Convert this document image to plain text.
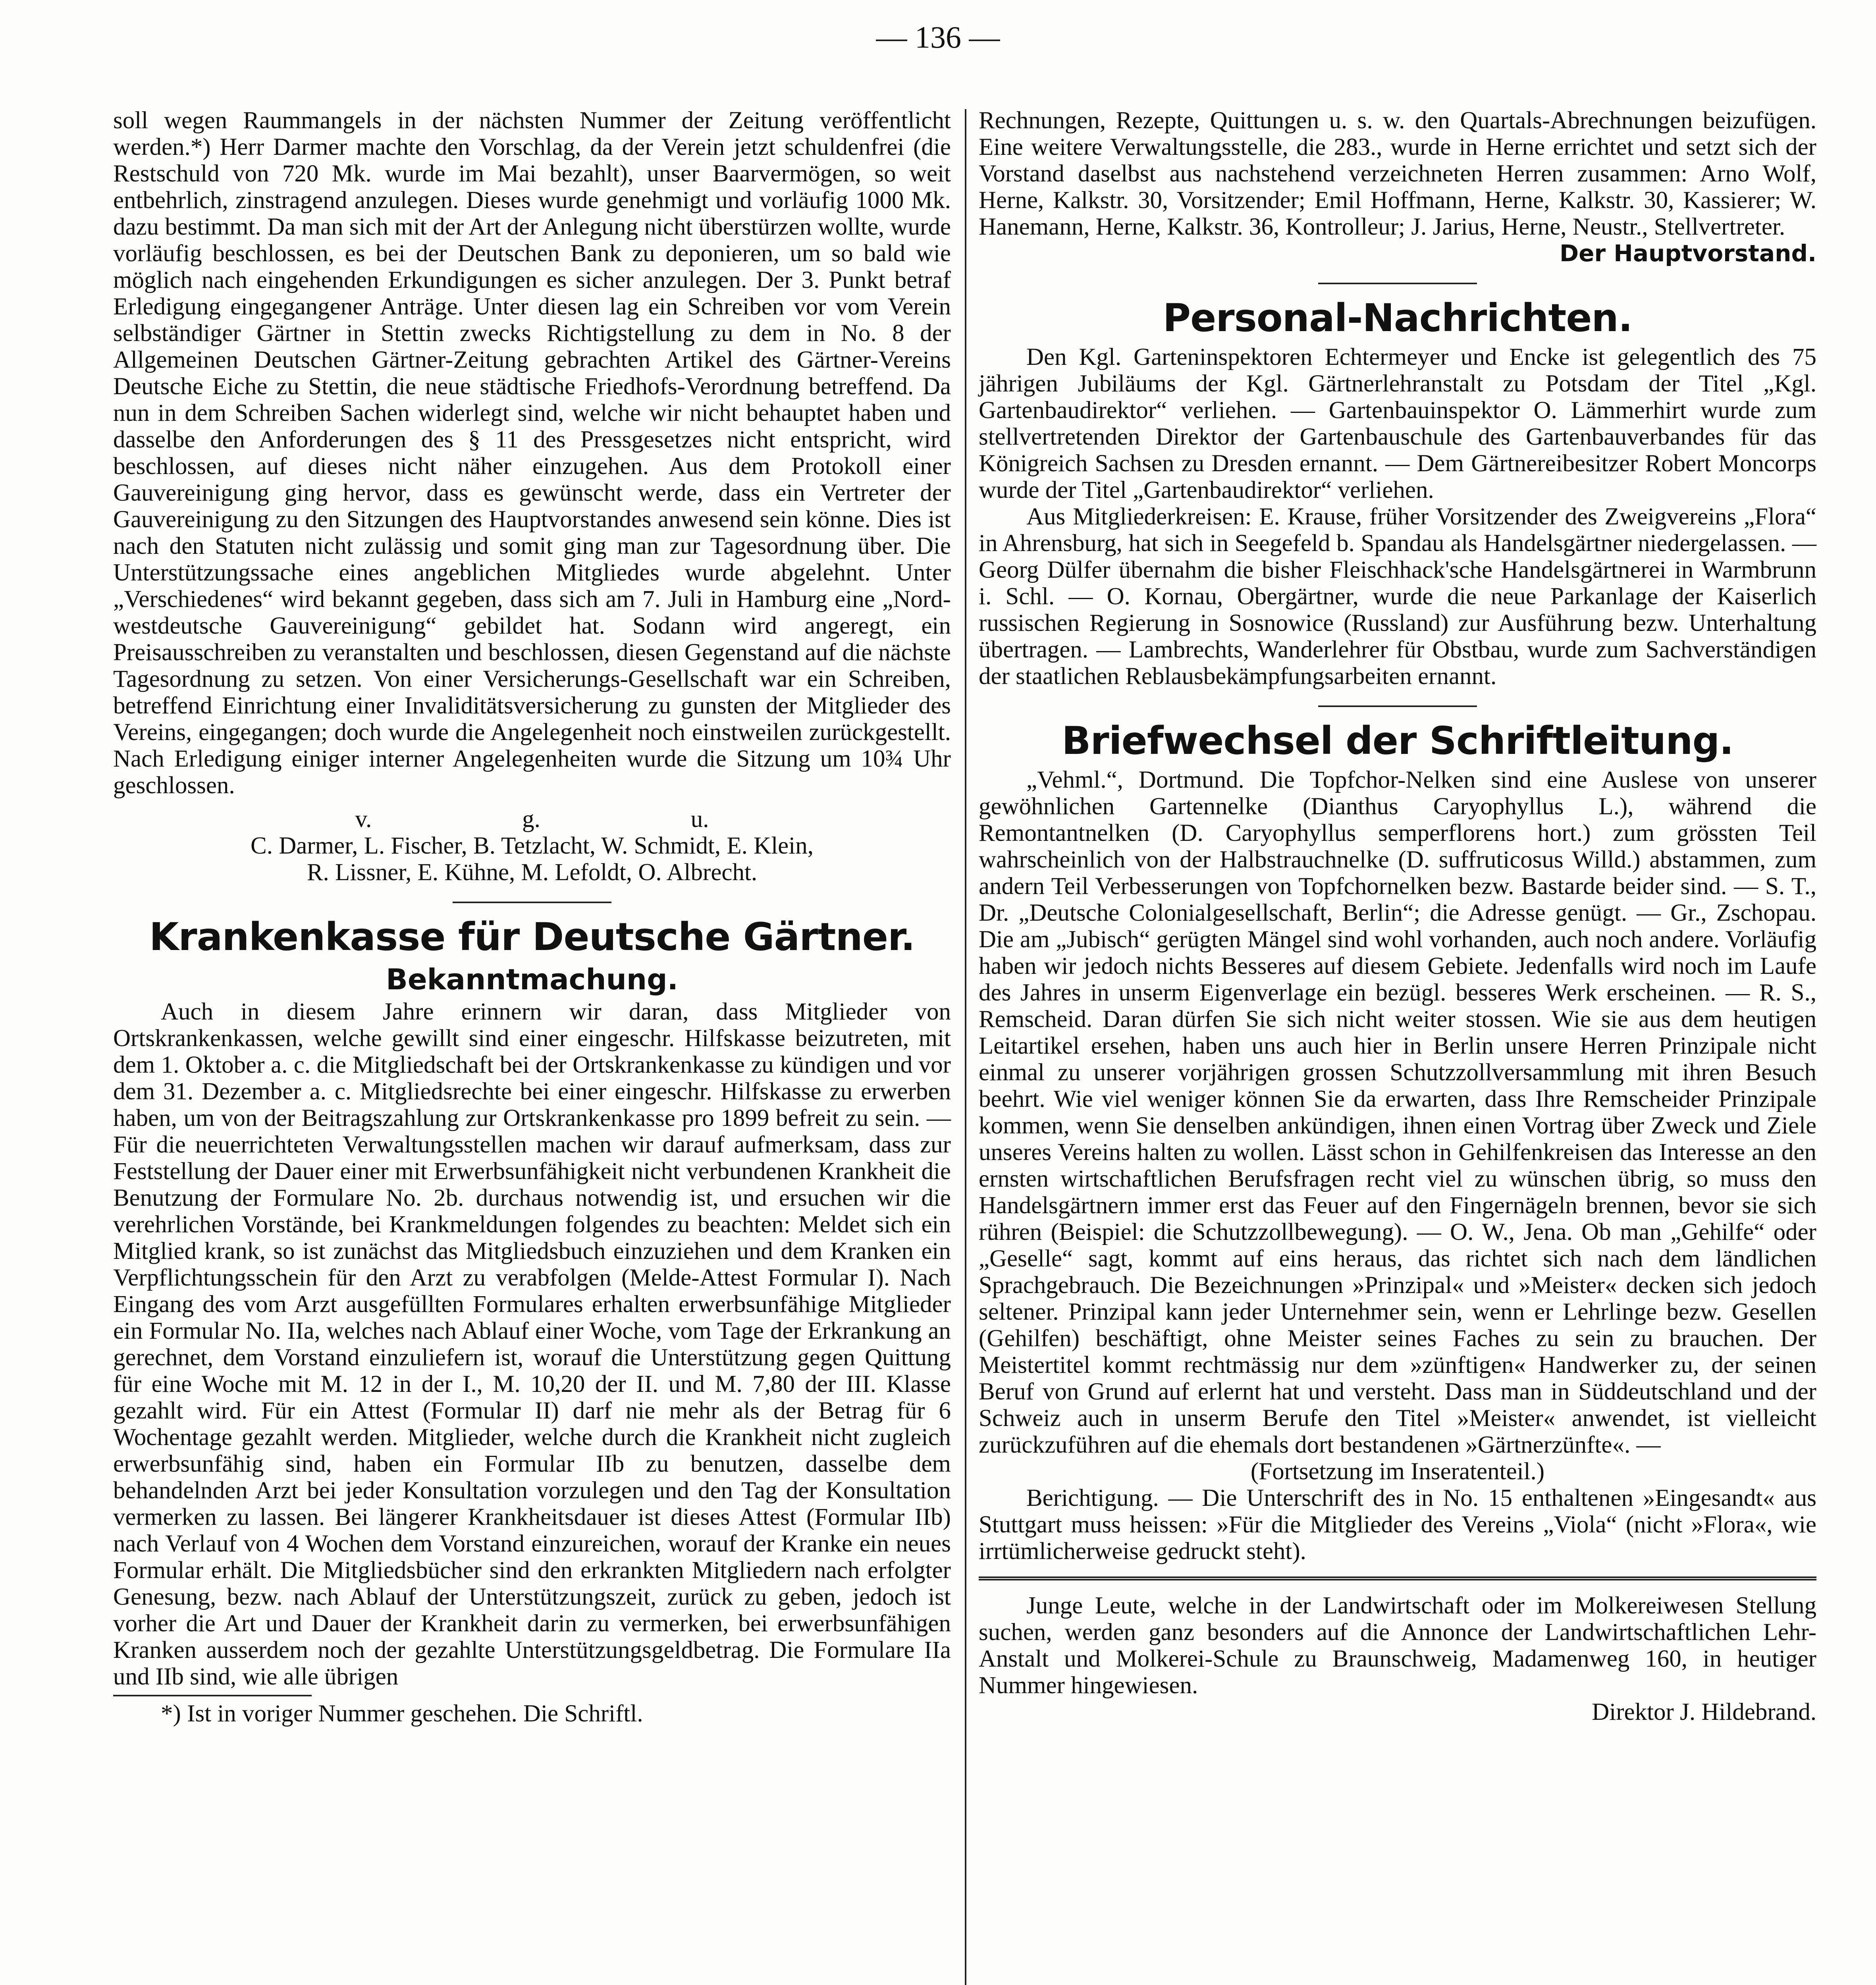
— 136 —

soll wegen Raummangels in der nächsten Nummer der Zeitung veröffentlicht werden.*) Herr Darmer machte den Vorschlag, da der Verein jetzt schuldenfrei (die Restschuld von 720 Mk. wurde im Mai bezahlt), unser Baarvermögen, so weit entbehrlich, zinstragend anzulegen. Dieses wurde genehmigt und vorläufig 1000 Mk. dazu bestimmt. Da man sich mit der Art der Anlegung nicht überstürzen wollte, wurde vorläufig beschlossen, es bei der Deutschen Bank zu deponieren, um so bald wie möglich nach eingehenden Erkundigungen es sicher anzulegen. Der 3. Punkt betraf Erledigung eingegangener Anträge. Unter diesen lag ein Schreiben vor vom Verein selbständiger Gärtner in Stettin zwecks Richtigstellung zu dem in No. 8 der Allgemeinen Deutschen Gärtner-Zeitung gebrachten Artikel des Gärtner-Vereins Deutsche Eiche zu Stettin, die neue städtische Friedhofs-Verordnung betreffend. Da nun in dem Schreiben Sachen widerlegt sind, welche wir nicht behauptet haben und dasselbe den Anforderungen des § 11 des Pressgesetzes nicht entspricht, wird beschlossen, auf dieses nicht näher einzugehen. Aus dem Protokoll einer Gauvereinigung ging hervor, dass es gewünscht werde, dass ein Vertreter der Gauvereinigung zu den Sitzungen des Hauptvorstandes anwesend sein könne. Dies ist nach den Statuten nicht zulässig und somit ging man zur Tagesordnung über. Die Unterstützungssache eines angeblichen Mitgliedes wurde abgelehnt. Unter „Verschiedenes“ wird bekannt gegeben, dass sich am 7. Juli in Hamburg eine „Nord-westdeutsche Gauvereinigung“ gebildet hat. Sodann wird angeregt, ein Preisausschreiben zu veranstalten und beschlossen, diesen Gegenstand auf die nächste Tagesordnung zu setzen. Von einer Versicherungs-Gesellschaft war ein Schreiben, betreffend Einrichtung einer Invaliditätsversicherung zu gunsten der Mitglieder des Vereins, eingegangen; doch wurde die Angelegenheit noch einstweilen zurückgestellt. Nach Erledigung einiger interner Angelegenheiten wurde die Sitzung um 10¾ Uhr geschlossen.

v.	g.	u.

C. Darmer, L. Fischer, B. Tetzlacht, W. Schmidt, E. Klein,

R. Lissner, E. Kühne, M. Lefoldt, O. Albrecht.

Krankenkasse für Deutsche Gärtner.
Bekanntmachung.

Auch in diesem Jahre erinnern wir daran, dass Mitglieder von Ortskrankenkassen, welche gewillt sind einer eingeschr. Hilfskasse beizutreten, mit dem 1. Oktober a. c. die Mitgliedschaft bei der Ortskrankenkasse zu kündigen und vor dem 31. Dezember a. c. Mitgliedsrechte bei einer eingeschr. Hilfskasse zu erwerben haben, um von der Beitragszahlung zur Ortskrankenkasse pro 1899 befreit zu sein. — Für die neuerrichteten Verwaltungsstellen machen wir darauf aufmerksam, dass zur Feststellung der Dauer einer mit Erwerbsunfähigkeit nicht verbundenen Krankheit die Benutzung der Formulare No. 2b. durchaus notwendig ist, und ersuchen wir die verehrlichen Vorstände, bei Krankmeldungen folgendes zu beachten: Meldet sich ein Mitglied krank, so ist zunächst das Mitgliedsbuch einzuziehen und dem Kranken ein Verpflichtungsschein für den Arzt zu verabfolgen (Melde-Attest Formular I). Nach Eingang des vom Arzt ausgefüllten Formulares erhalten erwerbsunfähige Mitglieder ein Formular No. IIa, welches nach Ablauf einer Woche, vom Tage der Erkrankung an gerechnet, dem Vorstand einzuliefern ist, worauf die Unterstützung gegen Quittung für eine Woche mit M. 12 in der I., M. 10,20 der II. und M. 7,80 der III. Klasse gezahlt wird. Für ein Attest (Formular II) darf nie mehr als der Betrag für 6 Wochentage gezahlt werden. Mitglieder, welche durch die Krankheit nicht zugleich erwerbsunfähig sind, haben ein Formular IIb zu benutzen, dasselbe dem behandelnden Arzt bei jeder Konsultation vorzulegen und den Tag der Konsultation vermerken zu lassen. Bei längerer Krankheitsdauer ist dieses Attest (Formular IIb) nach Verlauf von 4 Wochen dem Vorstand einzureichen, worauf der Kranke ein neues Formular erhält. Die Mitgliedsbücher sind den erkrankten Mitgliedern nach erfolgter Genesung, bezw. nach Ablauf der Unterstützungszeit, zurück zu geben, jedoch ist vorher die Art und Dauer der Krankheit darin zu vermerken, bei erwerbsunfähigen Kranken ausserdem noch der gezahlte Unterstützungsgeldbetrag. Die Formulare IIa und IIb sind, wie alle übrigen

*) Ist in voriger Nummer geschehen. Die Schriftl.

Rechnungen, Rezepte, Quittungen u. s. w. den Quartals-Abrechnungen beizufügen. Eine weitere Verwaltungsstelle, die 283., wurde in Herne errichtet und setzt sich der Vorstand daselbst aus nachstehend verzeichneten Herren zusammen: Arno Wolf, Herne, Kalkstr. 30, Vorsitzender; Emil Hoffmann, Herne, Kalkstr. 30, Kassierer; W. Hanemann, Herne, Kalkstr. 36, Kontrolleur; J. Jarius, Herne, Neustr., Stellvertreter.

Der Hauptvorstand.

Personal-Nachrichten.

Den Kgl. Garteninspektoren Echtermeyer und Encke ist gelegentlich des 75 jährigen Jubiläums der Kgl. Gärtnerlehranstalt zu Potsdam der Titel „Kgl. Gartenbaudirektor“ verliehen. — Gartenbauinspektor O. Lämmerhirt wurde zum stellvertretenden Direktor der Gartenbauschule des Gartenbauverbandes für das Königreich Sachsen zu Dresden ernannt. — Dem Gärtnereibesitzer Robert Moncorps wurde der Titel „Gartenbaudirektor“ verliehen.

Aus Mitgliederkreisen: E. Krause, früher Vorsitzender des Zweigvereins „Flora“ in Ahrensburg, hat sich in Seegefeld b. Spandau als Handelsgärtner niedergelassen. — Georg Dülfer übernahm die bisher Fleischhack'sche Handelsgärtnerei in Warmbrunn i. Schl. — O. Kornau, Obergärtner, wurde die neue Parkanlage der Kaiserlich russischen Regierung in Sosnowice (Russland) zur Ausführung bezw. Unterhaltung übertragen. — Lambrechts, Wanderlehrer für Obstbau, wurde zum Sachverständigen der staatlichen Reblausbekämpfungsarbeiten ernannt.

Briefwechsel der Schriftleitung.

„Vehml.“, Dortmund. Die Topfchor-Nelken sind eine Auslese von unserer gewöhnlichen Gartennelke (Dianthus Caryophyllus L.), während die Remontantnelken (D. Caryophyllus semperflorens hort.) zum grössten Teil wahrscheinlich von der Halbstrauchnelke (D. suffruticosus Willd.) abstammen, zum andern Teil Verbesserungen von Topfchornelken bezw. Bastarde beider sind. — S. T., Dr. „Deutsche Colonialgesellschaft, Berlin“; die Adresse genügt. — Gr., Zschopau. Die am „Jubisch“ gerügten Mängel sind wohl vorhanden, auch noch andere. Vorläufig haben wir jedoch nichts Besseres auf diesem Gebiete. Jedenfalls wird noch im Laufe des Jahres in unserm Eigenverlage ein bezügl. besseres Werk erscheinen. — R. S., Remscheid. Daran dürfen Sie sich nicht weiter stossen. Wie sie aus dem heutigen Leitartikel ersehen, haben uns auch hier in Berlin unsere Herren Prinzipale nicht einmal zu unserer vorjährigen grossen Schutzzollversammlung mit ihren Besuch beehrt. Wie viel weniger können Sie da erwarten, dass Ihre Remscheider Prinzipale kommen, wenn Sie denselben ankündigen, ihnen einen Vortrag über Zweck und Ziele unseres Vereins halten zu wollen. Lässt schon in Gehilfenkreisen das Interesse an den ernsten wirtschaftlichen Berufsfragen recht viel zu wünschen übrig, so muss den Handelsgärtnern immer erst das Feuer auf den Fingernägeln brennen, bevor sie sich rühren (Beispiel: die Schutzzollbewegung). — O. W., Jena. Ob man „Gehilfe“ oder „Geselle“ sagt, kommt auf eins heraus, das richtet sich nach dem ländlichen Sprachgebrauch. Die Bezeichnungen »Prinzipal« und »Meister« decken sich jedoch seltener. Prinzipal kann jeder Unternehmer sein, wenn er Lehrlinge bezw. Gesellen (Gehilfen) beschäftigt, ohne Meister seines Faches zu sein zu brauchen. Der Meistertitel kommt rechtmässig nur dem »zünftigen« Handwerker zu, der seinen Beruf von Grund auf erlernt hat und versteht. Dass man in Süddeutschland und der Schweiz auch in unserm Berufe den Titel »Meister« anwendet, ist vielleicht zurückzuführen auf die ehemals dort bestandenen »Gärtnerzünfte«. —

(Fortsetzung im Inseratenteil.)

Berichtigung. — Die Unterschrift des in No. 15 enthaltenen »Eingesandt« aus Stuttgart muss heissen: »Für die Mitglieder des Vereins „Viola“ (nicht »Flora«, wie irrtümlicherweise gedruckt steht).

Junge Leute, welche in der Landwirtschaft oder im Molkereiwesen Stellung suchen, werden ganz besonders auf die Annonce der Landwirtschaftlichen Lehr-Anstalt und Molkerei-Schule zu Braunschweig, Madamenweg 160, in heutiger Nummer hingewiesen.

Direktor J. Hildebrand.
